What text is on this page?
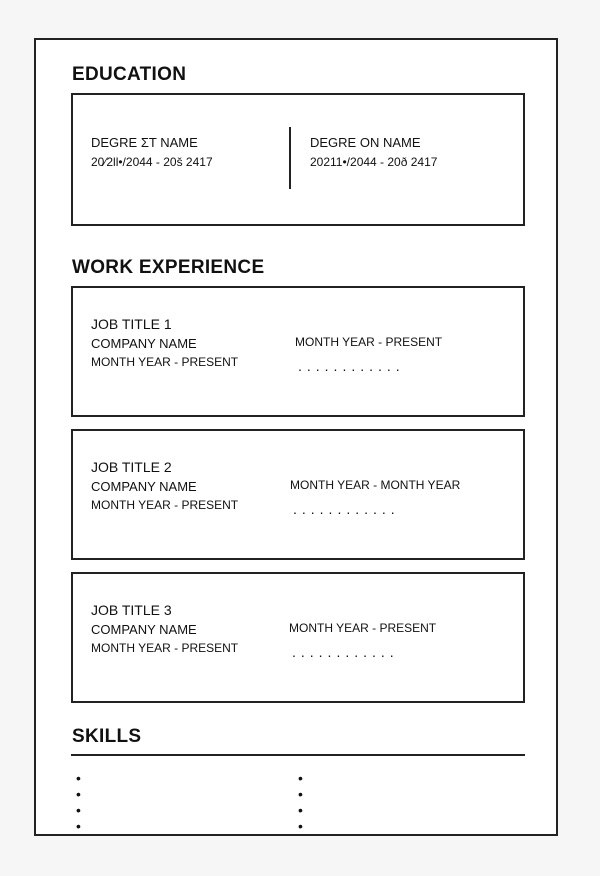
EDUCATION
DEGRE ΣT NAME
20⁄2ll•/2044 - 20š 2417
DEGRE ON NAME
20211•/2044 - 20ð 2417
WORK EXPERIENCE
JOB TITLE 1
COMPANY NAME
MONTH YEAR - PRESENT
MONTH YEAR - PRESENT
............
JOB TITLE 2
COMPANY NAME
MONTH YEAR - PRESENT
MONTH YEAR - MONTH YEAR
............
JOB TITLE 3
COMPANY NAME
MONTH YEAR - PRESENT
MONTH YEAR - PRESENT
............
SKILLS
•
•
•
•
•
•
•
•
